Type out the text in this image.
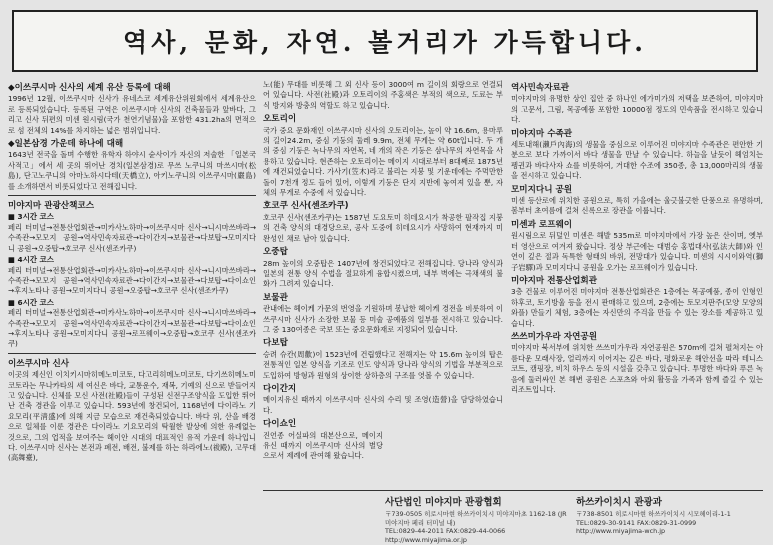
역사, 문화, 자연. 볼거리가 가득합니다.
◆이쓰쿠시마 신사의 세계 유산 등록에 대해

1996년 12월, 이쓰쿠시마 신사가 유네스코 세계유산위원회에서 세계유산으로 등록되었습니다. 등록된 구역은 이쓰쿠시마 신사의 건축물들과 앞바다, 그리고 신사 뒤편의 미센 원시림(국가 천연기념물)을 포함한 431.2ha의 면적으로 섬 전체의 14%를 차지하는 넓은 범위입니다.

◆일본삼경 가운데 하나에 대해

1643년 전국을 돌며 수행한 유학자 하야시 슌사이가 자신의 저술한 「일본국사적고」에서 세 곳의 뛰어난 경치(일본삼경)로 무쓰 노쿠니의 마쓰시마(松島), 단고노쿠니의 아마노하시다테(天橋立), 아키노쿠니의 이쓰쿠시마(嚴島)를 소개하면서 비롯되었다고 전해집니다.

미야지마 관광산책코스
■ 3시간 코스

페리 터미널→전통산업회관→미카사노하마→이쓰쿠시마 신사→니시마쓰바라→수족관→모모지 공원→역사민속자료관→다이간지→보물관→다보탑→모미지다니 공원→오중탑→호코쿠 신사(센조카쿠)

■ 4시간 코스

페리 터미널→전통산업회관→미카사노하마→이쓰쿠시마 신사→니시마쓰바라→수족관→모모지 공원→역사민속자료관→다이간지→보물관→다보탑→다이쇼인→후지노타나 공원→모미지다니 공원→오중탑→호코쿠 신사(센조카쿠)

■ 6시간 코스

페리 터미널→전통산업회관→미카사노하마→이쓰쿠시마 신사→니시마쓰바라→수족관→모모지 공원→역사민속자료관→다이간지→보물관→다보탑→다이쇼인→후지노타나 공원→모미지다니 공원→로프웨이→오중탑→호코쿠 신사(센조카쿠)

이쓰쿠시마 신사

이곳의 제신인 이치키시마히메노미코토, 다고리히메노미코토, 다기쓰히메노미코토라는 무나카타의 세 여신은 바다, 교통운수, 재복, 기예의 신으로 받들어지고 있습니다. 신체를 모신 사전(社殿)들이 구성된 신전구조양식을 도입한 뛰어난 건축 경관을 이루고 있습니다. 593년에 창건되어, 1168년에 다이라노 기요모리(平淸盛)에 의해 지금 모습으로 재건축되었습니다. 바다 위, 산을 배경으로 일체를 이룬 경관은 다이라노 기요모리의 탁월한 발상에 의한 유례없는 것으로, 그의 업적을 보여주는 헤이안 시대의 대표적인 유적 가운데 하나입니다. 이쓰쿠시마 신사는 본전과 폐전, 배전, 불제를 하는 하라에노(祓殿), 고무대(高舞臺),

노(能) 무대를 비롯해 그 외 신사 등이 3000여 m 길이의 회랑으로 연결되어 있습니다. 사전(社殿)과 오토리이의 주홍색은 부적의 색으로, 도료는 부식 방지와 방충의 역할도 하고 있습니다.

오토리이

국가 중요 문화재인 이쓰쿠시마 신사의 오토리이는, 높이 약 16.6m, 용마루의 길이24.2m, 중심 기둥의 둘레 9.9m, 전체 무게는 약 60t입니다. 두 개의 중심 기둥은 녹나무의 자연목, 네 개의 작은 기둥은 삼나무의 자연목을 사용하고 있습니다. 현존하는 오토리이는 메이지 시대로부터 8대째로 1875년에 재건되었습니다. 가사기(笠木)라고 불리는 지붕 및 기운데에는 주먹만한 돌이 7천개 정도 들어 있어, 이렇게 기둥은 단지 지반에 놓여져 있을 뿐, 자체의 무게로 수중에 서 있습니다.

호코쿠 신사(센조카쿠)

호코쿠 신사(센조카쿠)는 1587년 도요토미 히데요시가 착공한 팔작집 지붕의 건축 양식의 대경당으로, 공사 도중에 히데요시가 사망하여 현재까지 미완성인 채로 남아 있습니다.

오중탑

28m 높이의 오중탑은 1407년에 창건되었다고 전해집니다. 당나라 양식과 일본의 전통 양식 수법을 절묘하게 융합시켰으며, 내부 벽에는 극채색의 불화가 그려져 있습니다.

보물관

관내에는 헤이케 가문의 번영을 기원하며 봉납한 헤이케 경전을 비롯하여 이쓰쿠시마 신사가 소장한 보물 등 미술 공예품의 일부를 전시하고 있습니다. 그 중 130여종은 국보 또는 중요문화재로 지정되어 있습니다.

다보탑

승려 슈칸(周歡)이 1523년에 건립했다고 전해지는 약 15.6m 높이의 탑은 전통적인 일본 양식을 기조로 인도 양식과 당나라 양식의 기법을 부분적으로 도입하여 방형과 원형의 상이한 상하층의 구조를 엿볼 수 있습니다.

다이간지

메이지유신 때까지 이쓰쿠시마 신사의 수리 및 조영(造營)을 담당하였습니다.

다이쇼인

진언종 어실파의 대본산으로, 메이지 유신 때까지 이쓰쿠시마 신사의 별당으로서 제례에 관여해 왔습니다.

역사민속자료관

미야지마의 유명한 상인 집안 중 하나인 에가미가의 저택을 보존하여, 미야지마의 고문서, 그림, 목공예품 포함한 10000점 정도의 민속품을 전시하고 있습니다.

미야지마 수족관

세토내해(瀨戶內海)의 생물을 중심으로 이루어진 미야지마 수족관은 편안한 기분으로 보다 가까이서 바다 생물을 만날 수 있습니다. 하늘을 날듯이 헤엄치는 펭귄과 바다사자 쇼를 비롯하여, 거대한 수조에 350종, 총 13,000마리의 생물을 전시하고 있습니다.

모미지다니 공원

미센 등산로에 위치한 공원으로, 특히 가을에는 울긋불긋한 단풍으로 유명하며, 봄부터 초여름에 걸쳐 신록으로 장관을 이룹니다.

미센과 로프웨이

원시림으로 뒤덮인 미센은 해발 535m로 미야지마에서 가장 높은 산이며, 옛부터 영산으로 여겨져 왔습니다. 정상 부근에는 대범승 홍법대사(弘法大師)와 인연이 깊은 절과 독특한 형태의 바위, 전망대가 있습니다. 미센의 시시이와역(獅子岩驛)과 모미지다니 공원을 오가는 로프웨이가 있습니다.

미야지마 전통산업회관

3층 건물로 이루어진 미야지마 전통산업회관은 1층에는 목공예품, 종이 인형인 하후코, 토기방울 등을 전시 판매하고 있으며, 2층에는 토모지판주(모양 모양의 와플) 만들기 체험, 3층에는 자신만의 주걱을 만들 수 있는 장소를 제공하고 있습니다.

쓰쓰미가우라 자연공원

미야지마 북서부에 위치한 쓰쓰미가우라 자연공원은 570m에 걸쳐 펼쳐지는 아름다운 모래사장, 얼리까지 이어지는 깊은 바다, 평화로운 해안선을 따라 테니스 코트, 캠핑장, 비치 하우스 등의 시설을 갖추고 있습니다. 투명한 바다와 푸른 녹음에 둘러싸인 본 해변 공원은 스포츠와 아외 활동을 가족과 함께 즐길 수 있는 리조트입니다.

사단법인 미야지마 관광협회
〒739-0505 히로시마현 하쓰카이치시 미야지마초 1162-18 (JR미야지마 페리 터미널 내)
TEL:0829-44-2011 FAX:0829-44-0066
http://www.miyajima.or.jp
하쓰카이치시 관광과
〒738-8501 히로시마현 하쓰카이치시 시모헤이리-1-1
TEL:0829-30-9141 FAX:0829-31-0999
http://www.miyajima-wch.jp
